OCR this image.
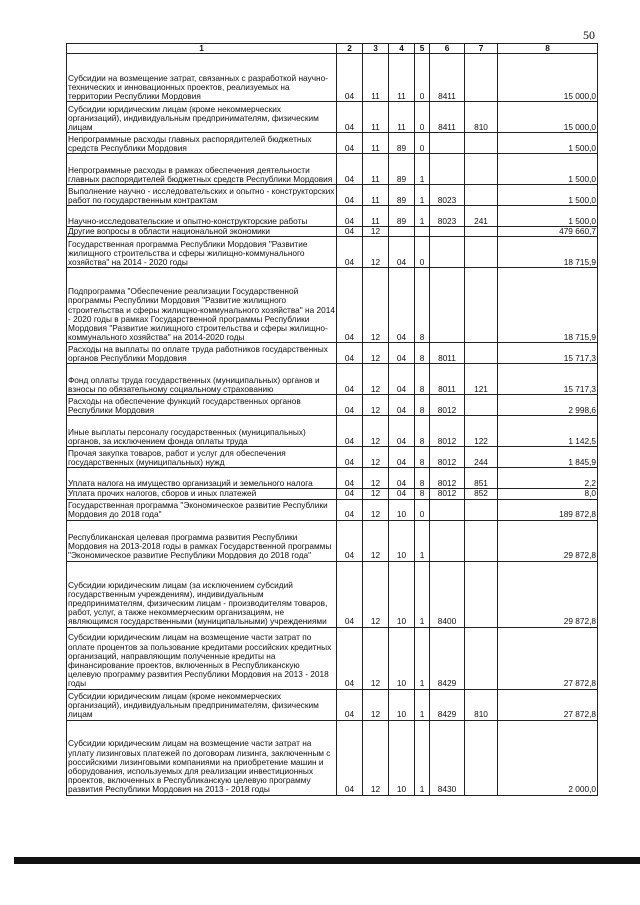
50
1	2	3	4	5	6	7	8
Субсидии на возмещение затрат, связанных с разработкой научно-технических и инновационных проектов, реализуемых на территории Республики Мордовия	04	11	11	0	8411		15 000,0
Субсидии юридическим лицам (кроме некоммерческих организаций), индивидуальным предпринимателям, физическим лицам	04	11	11	0	8411	810	15 000,0
Непрограммные расходы главных распорядителей бюджетных средств Республики Мордовия	04	11	89	0			1 500,0
Непрограммные расходы в рамках обеспечения деятельности главных распорядителей бюджетных средств Республики Мордовия	04	11	89	1			1 500,0
Выполнение научно - исследовательских и опытно - конструкторских работ по государственным контрактам	04	11	89	1	8023		1 500,0
Научно-исследовательские и опытно-конструкторские работы	04	11	89	1	8023	241	1 500,0
Другие вопросы в области национальной экономики	04	12					479 660,7
Государственная программа Республики Мордовия "Развитие жилищного строительства и сферы жилищно-коммунального хозяйства" на 2014 - 2020 годы	04	12	04	0			18 715,9
Подпрограмма "Обеспечение реализации Государственной программы Республики Мордовия "Развитие жилищного строительства и сферы жилищно-коммунального хозяйства" на 2014 - 2020 годы в рамках Государственной программы Республики Мордовия "Развитие жилищного строительства и сферы жилищно-коммунального хозяйства" на 2014-2020 годы	04	12	04	8			18 715,9
Расходы на выплаты по оплате труда работников государственных органов Республики Мордовия	04	12	04	8	8011		15 717,3
Фонд оплаты труда государственных (муниципальных) органов и взносы по обязательному социальному страхованию	04	12	04	8	8011	121	15 717,3
Расходы на обеспечение функций государственных органов Республики Мордовия	04	12	04	8	8012		2 998,6
Иные выплаты персоналу государственных (муниципальных) органов, за исключением фонда оплаты труда	04	12	04	8	8012	122	1 142,5
Прочая закупка товаров, работ и услуг для обеспечения государственных (муниципальных) нужд	04	12	04	8	8012	244	1 845,9
Уплата налога на имущество организаций и земельного налога	04	12	04	8	8012	851	2,2
Уплата прочих налогов, сборов и иных платежей	04	12	04	8	8012	852	8,0
Государственная программа "Экономическое развитие Республики Мордовия до 2018 года"	04	12	10	0			189 872,8
Республиканская целевая программа развития Республики Мордовия на 2013-2018 годы в рамках Государственной программы "Экономическое развитие Республики Мордовия до 2018 года"	04	12	10	1			29 872,8
Субсидии юридическим лицам (за исключением субсидий государственным учреждениям), индивидуальным предпринимателям, физическим лицам - производителям товаров, работ, услуг, а также некоммерческим организациям, не являющимся государственными (муниципальными) учреждениями	04	12	10	1	8400		29 872,8
Субсидии юридическим лицам на возмещение части затрат по оплате процентов за пользование кредитами российских кредитных организаций, направляющим полученные кредиты на финансирование проектов, включенных в Республиканскую целевую программу развития Республики Мордовия на 2013 - 2018 годы	04	12	10	1	8429		27 872,8
Субсидии юридическим лицам (кроме некоммерческих организаций), индивидуальным предпринимателям, физическим лицам	04	12	10	1	8429	810	27 872,8
Субсидии юридическим лицам на возмещение части затрат на уплату лизинговых платежей по договорам лизинга, заключенным с российскими лизинговыми компаниями на приобретение машин и оборудования, используемых для реализации инвестиционных проектов, включенных в Республиканскую целевую программу развития Республики Мордовия на 2013 - 2018 годы	04	12	10	1	8430		2 000,0
